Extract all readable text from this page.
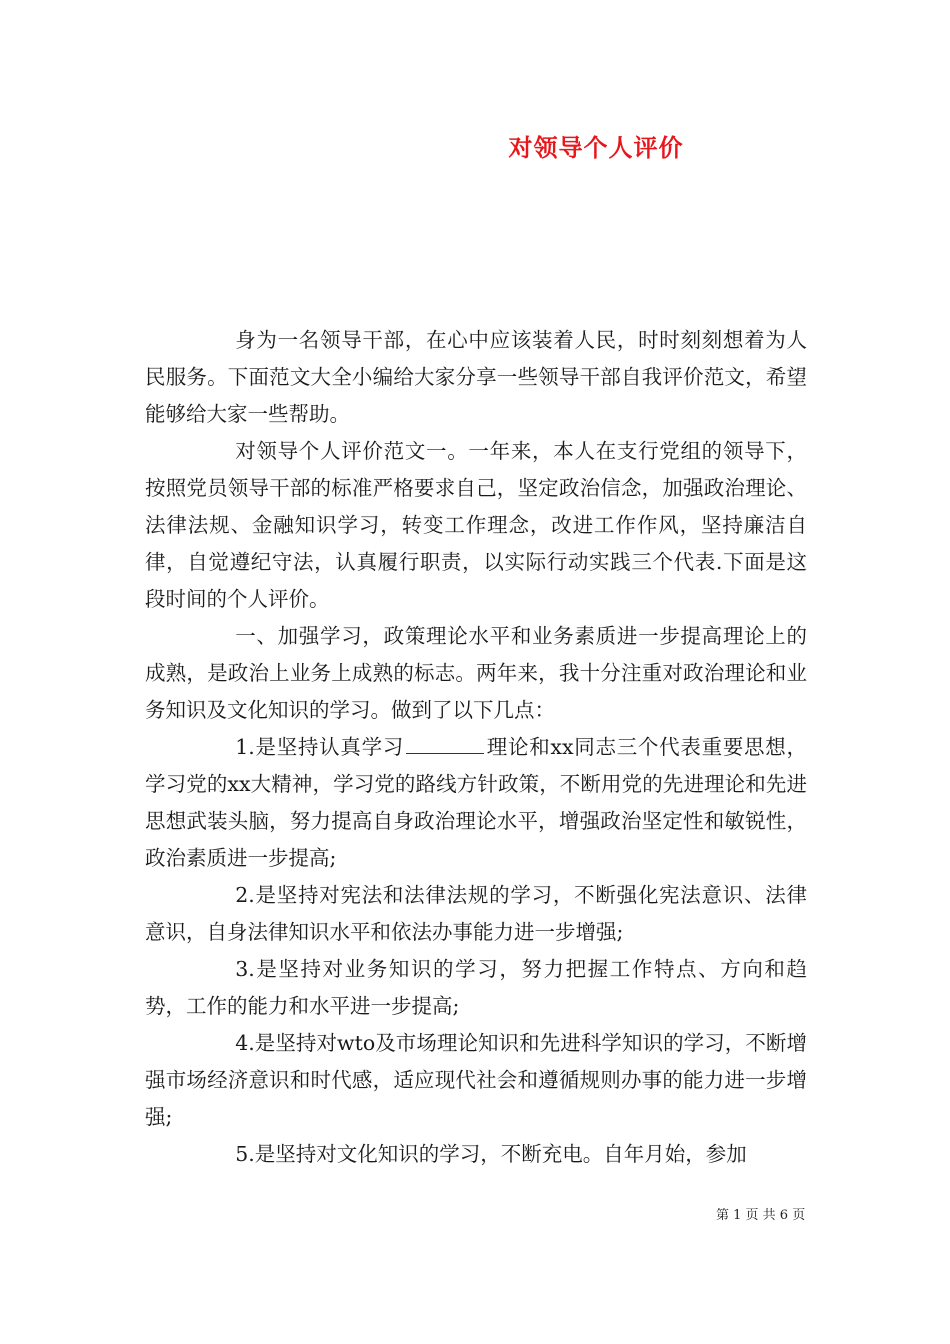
对领导个人评价

身为一名领导干部，在心中应该装着人民，时时刻刻想着为人民服务。下面范文大全小编给大家分享一些领导干部自我评价范文，希望能够给大家一些帮助。

对领导个人评价范文一。一年来，本人在支行党组的领导下，按照党员领导干部的标准严格要求自己，坚定政治信念，加强政治理论、法律法规、金融知识学习，转变工作理念，改进工作作风，坚持廉洁自律，自觉遵纪守法，认真履行职责，以实际行动实践三个代表.下面是这段时间的个人评价。

一、加强学习，政策理论水平和业务素质进一步提高理论上的成熟，是政治上业务上成熟的标志。两年来，我十分注重对政治理论和业务知识及文化知识的学习。做到了以下几点：

1.是坚持认真学习	理论和xx同志三个代表重要思想，学习党的xx大精神，学习党的路线方针政策，不断用党的先进理论和先进思想武装头脑，努力提高自身政治理论水平，增强政治坚定性和敏锐性，政治素质进一步提高;

2.是坚持对宪法和法律法规的学习，不断强化宪法意识、法律意识，自身法律知识水平和依法办事能力进一步增强;

3.是坚持对业务知识的学习，努力把握工作特点、方向和趋势，工作的能力和水平进一步提高;

4.是坚持对wto及市场理论知识和先进科学知识的学习，不断增强市场经济意识和时代感，适应现代社会和遵循规则办事的能力进一步增强;

5.是坚持对文化知识的学习，不断充电。自年月始，参加

第 1 页 共 6 页
